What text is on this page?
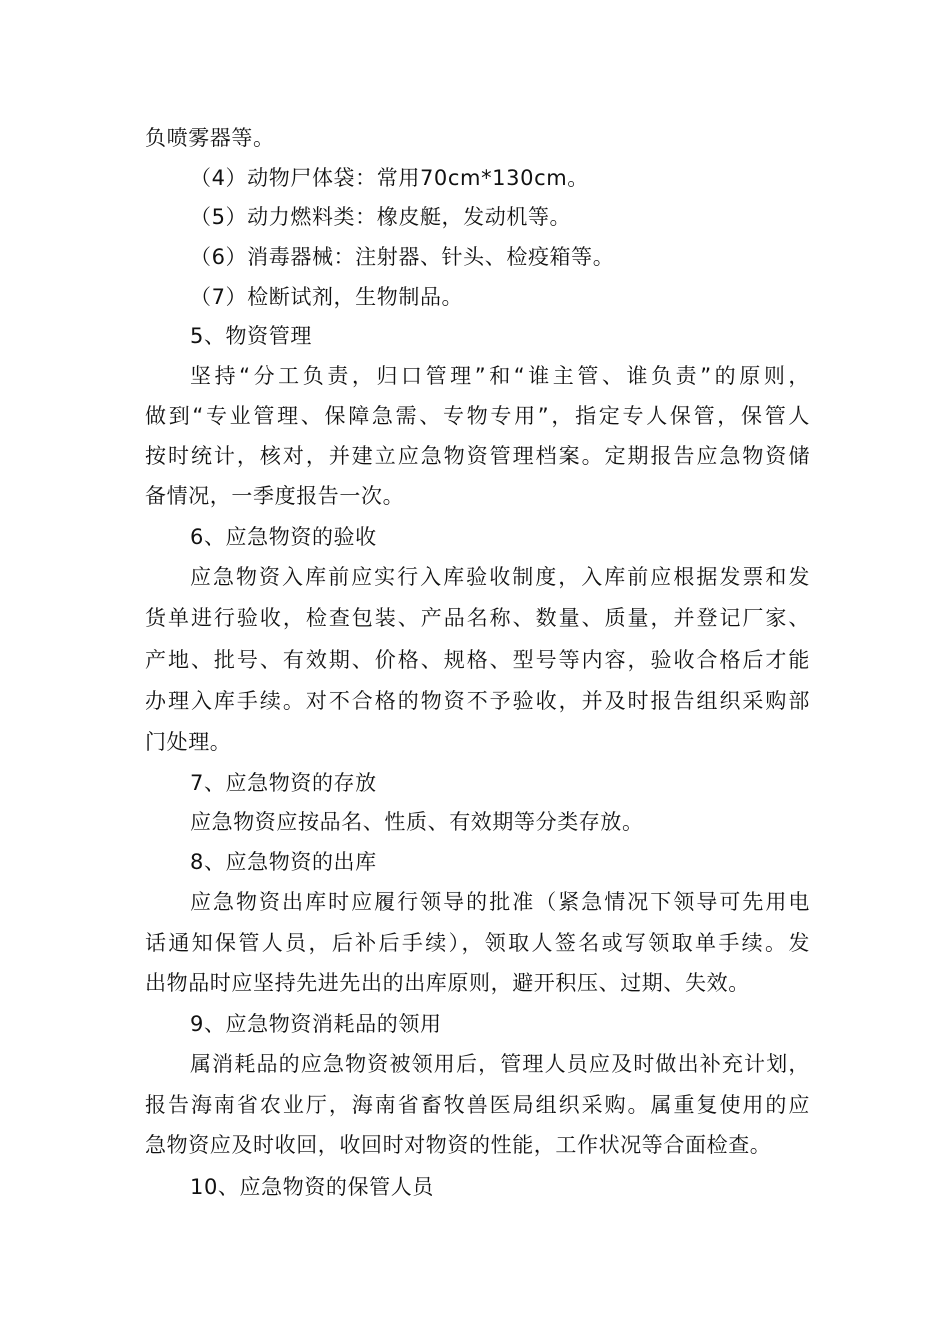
负喷雾器等。
（4）动物尸体袋：常用70cm*130cm。
（5）动力燃料类：橡皮艇，发动机等。
（6）消毒器械：注射器、针头、检疫箱等。
（7）检断试剂，生物制品。
5、物资管理
坚持“分工负责，归口管理”和“谁主管、谁负责”的原则，
做到“专业管理、保障急需、专物专用”，指定专人保管，保管人
按时统计，核对，并建立应急物资管理档案。定期报告应急物资储
备情况，一季度报告一次。
6、应急物资的验收
应急物资入库前应实行入库验收制度，入库前应根据发票和发
货单进行验收，检查包装、产品名称、数量、质量，并登记厂家、
产地、批号、有效期、价格、规格、型号等内容，验收合格后才能
办理入库手续。对不合格的物资不予验收，并及时报告组织采购部
门处理。
7、应急物资的存放
应急物资应按品名、性质、有效期等分类存放。
8、应急物资的出库
应急物资出库时应履行领导的批准（紧急情况下领导可先用电
话通知保管人员，后补后手续），领取人签名或写领取单手续。发
出物品时应坚持先进先出的出库原则，避开积压、过期、失效。
9、应急物资消耗品的领用
属消耗品的应急物资被领用后，管理人员应及时做出补充计划，
报告海南省农业厅，海南省畜牧兽医局组织采购。属重复使用的应
急物资应及时收回，收回时对物资的性能，工作状况等合面检查。
10、应急物资的保管人员
